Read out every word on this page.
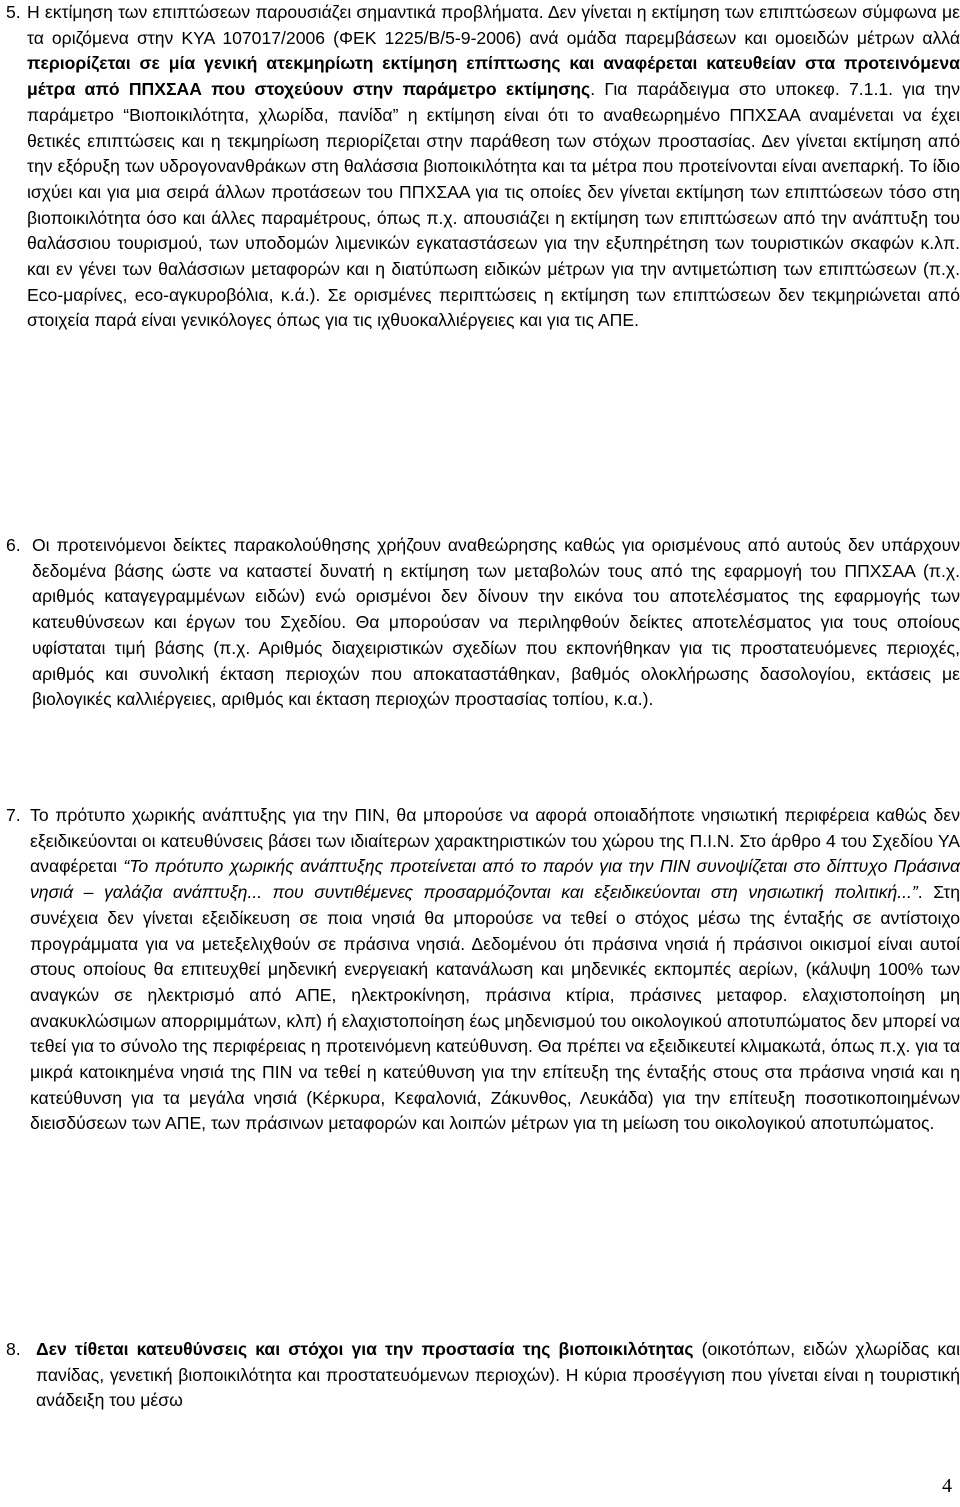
5. Η εκτίμηση των επιπτώσεων παρουσιάζει σημαντικά προβλήματα. Δεν γίνεται η εκτίμηση των επιπτώσεων σύμφωνα με τα οριζόμενα στην ΚΥΑ 107017/2006 (ΦΕΚ 1225/Β/5-9-2006) ανά ομάδα παρεμβάσεων και ομοειδών μέτρων αλλά περιορίζεται σε μία γενική ατεκμηρίωτη εκτίμηση επίπτωσης και αναφέρεται κατευθείαν στα προτεινόμενα μέτρα από ΠΠΧΣΑΑ που στοχεύουν στην παράμετρο εκτίμησης. Για παράδειγμα στο υποκεφ. 7.1.1. για την παράμετρο “Βιοποικιλότητα, χλωρίδα, πανίδα” η εκτίμηση είναι ότι το αναθεωρημένο ΠΠΧΣΑΑ αναμένεται να έχει θετικές επιπτώσεις και η τεκμηρίωση περιορίζεται στην παράθεση των στόχων προστασίας. Δεν γίνεται εκτίμηση από την εξόρυξη των υδρογονανθράκων στη θαλάσσια βιοποικιλότητα και τα μέτρα που προτείνονται είναι ανεπαρκή. Το ίδιο ισχύει και για μια σειρά άλλων προτάσεων του ΠΠΧΣΑΑ για τις οποίες δεν γίνεται εκτίμηση των επιπτώσεων τόσο στη βιοποικιλότητα όσο και άλλες παραμέτρους, όπως π.χ. απουσιάζει η εκτίμηση των επιπτώσεων από την ανάπτυξη του θαλάσσιου τουρισμού, των υποδομών λιμενικών εγκαταστάσεων για την εξυπηρέτηση των τουριστικών σκαφών κ.λπ. και εν γένει των θαλάσσιων μεταφορών και η διατύπωση ειδικών μέτρων για την αντιμετώπιση των επιπτώσεων (π.χ. Eco-μαρίνες, eco-αγκυροβόλια, κ.ά.). Σε ορισμένες περιπτώσεις η εκτίμηση των επιπτώσεων δεν τεκμηριώνεται από στοιχεία παρά είναι γενικόλογες όπως για τις ιχθυοκαλλιέργειες και για τις ΑΠΕ.
6. Οι προτεινόμενοι δείκτες παρακολούθησης χρήζουν αναθεώρησης καθώς για ορισμένους από αυτούς δεν υπάρχουν δεδομένα βάσης ώστε να καταστεί δυνατή η εκτίμηση των μεταβολών τους από της εφαρμογή του ΠΠΧΣΑΑ (π.χ. αριθμός καταγεγραμμένων ειδών) ενώ ορισμένοι δεν δίνουν την εικόνα του αποτελέσματος της εφαρμογής των κατευθύνσεων και έργων του Σχεδίου. Θα μπορούσαν να περιληφθούν δείκτες αποτελέσματος για τους οποίους υφίσταται τιμή βάσης (π.χ. Αριθμός διαχειριστικών σχεδίων που εκπονήθηκαν για τις προστατευόμενες περιοχές, αριθμός και συνολική έκταση περιοχών που αποκαταστάθηκαν, βαθμός ολοκλήρωσης δασολογίου, εκτάσεις με βιολογικές καλλιέργειες, αριθμός και έκταση περιοχών προστασίας τοπίου, κ.α.).
7. Το πρότυπο χωρικής ανάπτυξης για την ΠΙΝ, θα μπορούσε να αφορά οποιαδήποτε νησιωτική περιφέρεια καθώς δεν εξειδικεύονται οι κατευθύνσεις βάσει των ιδιαίτερων χαρακτηριστικών του χώρου της Π.Ι.Ν. Στο άρθρο 4 του Σχεδίου ΥΑ αναφέρεται “Το πρότυπο χωρικής ανάπτυξης προτείνεται από το παρόν για την ΠΙΝ συνοψίζεται στο δίπτυχο Πράσινα νησιά – γαλάζια ανάπτυξη... που συντιθέμενες προσαρμόζονται και εξειδικεύονται στη νησιωτική πολιτική...”. Στη συνέχεια δεν γίνεται εξειδίκευση σε ποια νησιά θα μπορούσε να τεθεί ο στόχος μέσω της ένταξής σε αντίστοιχο προγράμματα για να μετεξελιχθούν σε πράσινα νησιά. Δεδομένου ότι πράσινα νησιά ή πράσινοι οικισμοί είναι αυτοί στους οποίους θα επιτευχθεί μηδενική ενεργειακή κατανάλωση και μηδενικές εκπομπές αερίων, (κάλυψη 100% των αναγκών σε ηλεκτρισμό από ΑΠΕ, ηλεκτροκίνηση, πράσινα κτίρια, πράσινες μεταφορ. ελαχιστοποίηση μη ανακυκλώσιμων απορριμμάτων, κλπ) ή ελαχιστοποίηση έως μηδενισμού του οικολογικού αποτυπώματος δεν μπορεί να τεθεί για το σύνολο της περιφέρειας η προτεινόμενη κατεύθυνση. Θα πρέπει να εξειδικευτεί κλιμακωτά, όπως π.χ. για τα μικρά κατοικημένα νησιά της ΠΙΝ να τεθεί η κατεύθυνση για την επίτευξη της ένταξής στους στα πράσινα νησιά και η κατεύθυνση για τα μεγάλα νησιά (Κέρκυρα, Κεφαλονιά, Ζάκυνθος, Λευκάδα) για την επίτευξη ποσοτικοποιημένων διεισδύσεων των ΑΠΕ, των πράσινων μεταφορών και λοιπών μέτρων για τη μείωση του οικολογικού αποτυπώματος.
8. Δεν τίθεται κατευθύνσεις και στόχοι για την προστασία της βιοποικιλότητας (οικοτόπων, ειδών χλωρίδας και πανίδας, γενετική βιοποικιλότητα και προστατευόμενων περιοχών). Η κύρια προσέγγιση που γίνεται είναι η τουριστική ανάδειξη του μέσω
4
